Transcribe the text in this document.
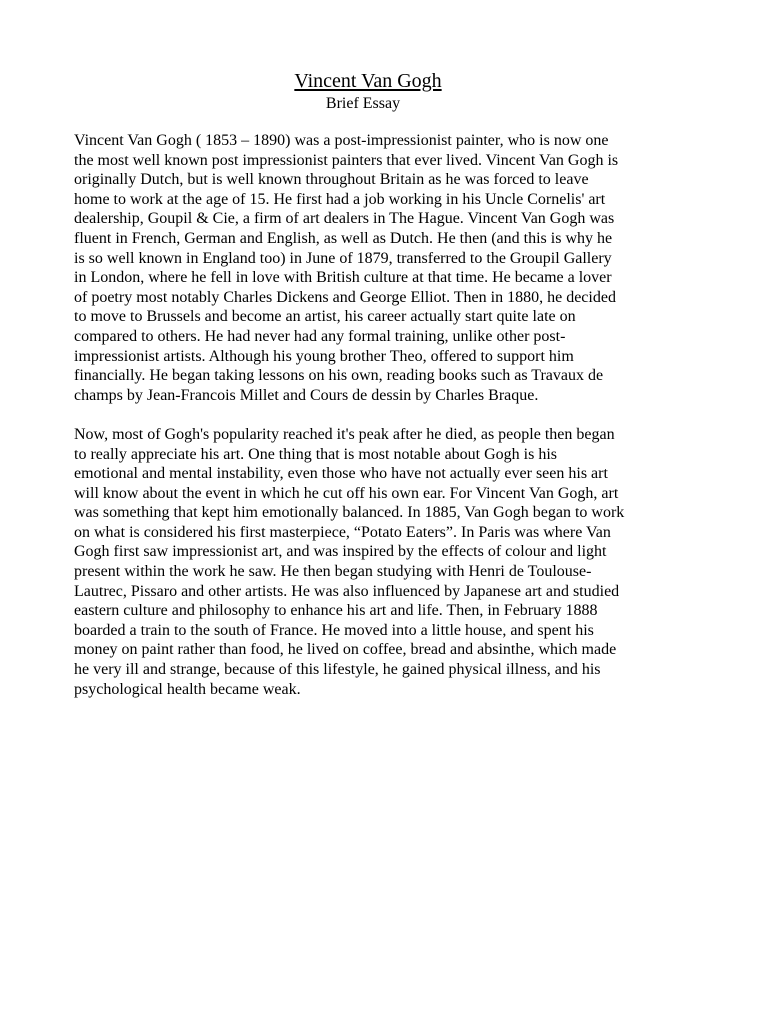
Vincent Van Gogh
Brief Essay

Vincent Van Gogh ( 1853 – 1890) was a post-impressionist painter, who is now one
the most well known post impressionist painters that ever lived. Vincent Van Gogh is
originally Dutch, but is well known throughout Britain as he was forced to leave
home to work at the age of 15. He first had a job working in his Uncle Cornelis' art
dealership, Goupil & Cie, a firm of art dealers in The Hague. Vincent Van Gogh was
fluent in French, German and English, as well as Dutch. He then (and this is why he
is so well known in England too) in June of 1879, transferred to the Groupil Gallery
in London, where he fell in love with British culture at that time. He became a lover
of poetry most notably Charles Dickens and George Elliot. Then in 1880, he decided
to move to Brussels and become an artist, his career actually start quite late on
compared to others. He had never had any formal training, unlike other post-
impressionist artists. Although his young brother Theo, offered to support him
financially. He began taking lessons on his own, reading books such as Travaux de
champs by Jean-Francois Millet and Cours de dessin by Charles Braque.

Now, most of Gogh's popularity reached it's peak after he died, as people then began
to really appreciate his art. One thing that is most notable about Gogh is his
emotional and mental instability, even those who have not actually ever seen his art
will know about the event in which he cut off his own ear. For Vincent Van Gogh, art
was something that kept him emotionally balanced. In 1885, Van Gogh began to work
on what is considered his first masterpiece, “Potato Eaters”. In Paris was where Van
Gogh first saw impressionist art, and was inspired by the effects of colour and light
present within the work he saw. He then began studying with Henri de Toulouse-
Lautrec, Pissaro and other artists. He was also influenced by Japanese art and studied
eastern culture and philosophy to enhance his art and life. Then, in February 1888
boarded a train to the south of France. He moved into a little house, and spent his
money on paint rather than food, he lived on coffee, bread and absinthe, which made
he very ill and strange, because of this lifestyle, he gained physical illness, and his
psychological health became weak.
